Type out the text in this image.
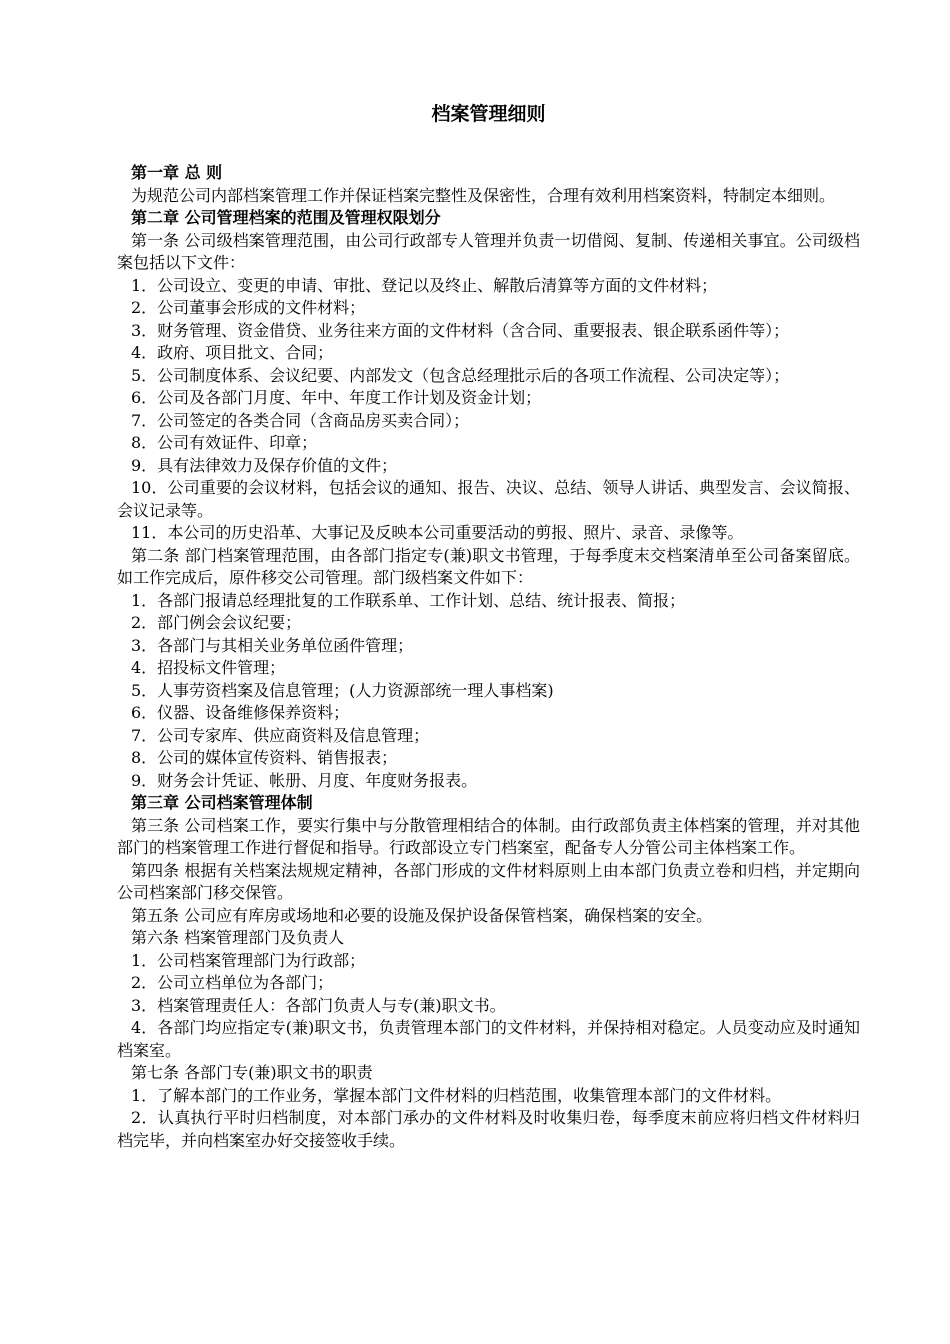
档案管理细则

第一章 总 则

为规范公司内部档案管理工作并保证档案完整性及保密性，合理有效利用档案资料，特制定本细则。

第二章 公司管理档案的范围及管理权限划分

第一条 公司级档案管理范围，由公司行政部专人管理并负责一切借阅、复制、传递相关事宜。公司级档案包括以下文件：

1．公司设立、变更的申请、审批、登记以及终止、解散后清算等方面的文件材料；

2．公司董事会形成的文件材料；

3．财务管理、资金借贷、业务往来方面的文件材料（含合同、重要报表、银企联系函件等）；

4．政府、项目批文、合同；

5．公司制度体系、会议纪要、内部发文（包含总经理批示后的各项工作流程、公司决定等）；

6．公司及各部门月度、年中、年度工作计划及资金计划；

7．公司签定的各类合同（含商品房买卖合同）；

8．公司有效证件、印章；

9．具有法律效力及保存价值的文件；

10．公司重要的会议材料，包括会议的通知、报告、决议、总结、领导人讲话、典型发言、会议简报、会议记录等。

11．本公司的历史沿革、大事记及反映本公司重要活动的剪报、照片、录音、录像等。

第二条 部门档案管理范围，由各部门指定专(兼)职文书管理，于每季度末交档案清单至公司备案留底。如工作完成后，原件移交公司管理。部门级档案文件如下：

1．各部门报请总经理批复的工作联系单、工作计划、总结、统计报表、简报；

2．部门例会会议纪要；

3．各部门与其相关业务单位函件管理；

4．招投标文件管理；

5．人事劳资档案及信息管理；(人力资源部统一理人事档案)

6．仪器、设备维修保养资料；

7．公司专家库、供应商资料及信息管理；

8．公司的媒体宣传资料、销售报表；

9．财务会计凭证、帐册、月度、年度财务报表。

第三章 公司档案管理体制

第三条 公司档案工作，要实行集中与分散管理相结合的体制。由行政部负责主体档案的管理，并对其他部门的档案管理工作进行督促和指导。行政部设立专门档案室，配备专人分管公司主体档案工作。

第四条 根据有关档案法规规定精神，各部门形成的文件材料原则上由本部门负责立卷和归档，并定期向公司档案部门移交保管。

第五条 公司应有库房或场地和必要的设施及保护设备保管档案，确保档案的安全。

第六条 档案管理部门及负责人

1．公司档案管理部门为行政部；

2．公司立档单位为各部门；

3．档案管理责任人：各部门负责人与专(兼)职文书。

4．各部门均应指定专(兼)职文书，负责管理本部门的文件材料，并保持相对稳定。人员变动应及时通知档案室。

第七条 各部门专(兼)职文书的职责

1．了解本部门的工作业务，掌握本部门文件材料的归档范围，收集管理本部门的文件材料。

2．认真执行平时归档制度，对本部门承办的文件材料及时收集归卷，每季度末前应将归档文件材料归档完毕，并向档案室办好交接签收手续。
